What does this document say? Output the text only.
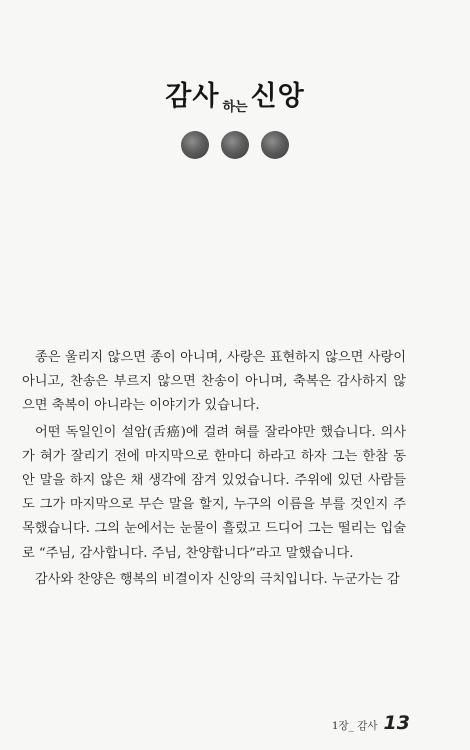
감사 $_{하는}$ 신앙

종은 울리지 않으면 종이 아니며, 사랑은 표현하지 않으면 사랑이 아니고, 찬송은 부르지 않으면 찬송이 아니며, 축복은 감사하지 않으면 축복이 아니라는 이야기가 있습니다.

어떤 독일인이 설암(舌癌)에 걸려 혀를 잘라야만 했습니다. 의사가 혀가 잘리기 전에 마지막으로 한마디 하라고 하자 그는 한참 동안 말을 하지 않은 채 생각에 잠겨 있었습니다. 주위에 있던 사람들도 그가 마지막으로 무슨 말을 할지, 누구의 이름을 부를 것인지 주목했습니다. 그의 눈에서는 눈물이 흘렀고 드디어 그는 떨리는 입술로 “주님, 감사합니다. 주님, 찬양합니다”라고 말했습니다.

감사와 찬양은 행복의 비결이자 신앙의 극치입니다. 누군가는 감

1장_ 감사 13
